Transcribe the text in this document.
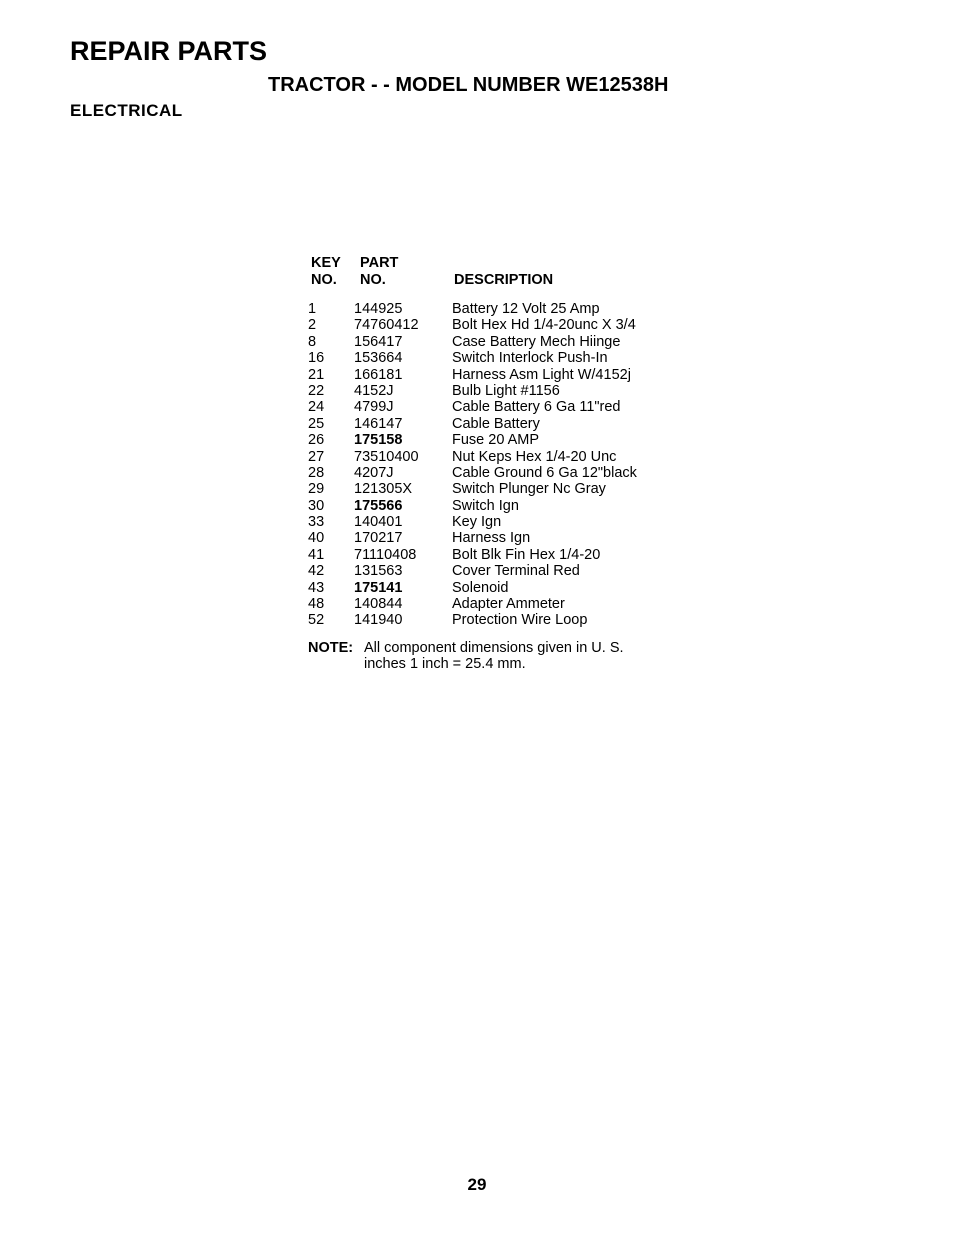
REPAIR PARTS
TRACTOR - - MODEL NUMBER WE12538H
ELECTRICAL
KEY
NO.
PART
NO.	DESCRIPTION
1	144925	Battery 12 Volt 25 Amp
2	74760412	Bolt Hex Hd 1/4-20unc X 3/4
8	156417	Case Battery Mech Hiinge
16	153664	Switch Interlock Push-In
21	166181	Harness Asm Light W/4152j
22	4152J	Bulb Light #1156
24	4799J	Cable Battery 6 Ga 11"red
25	146147	Cable Battery
26	175158	Fuse 20 AMP
27	73510400	Nut Keps Hex 1/4-20 Unc
28	4207J	Cable Ground 6 Ga 12"black
29	121305X	Switch Plunger Nc Gray
30	175566	Switch Ign
33	140401	Key Ign
40	170217	Harness Ign
41	71110408	Bolt Blk Fin Hex 1/4-20
42	131563	Cover Terminal Red
43	175141	Solenoid
48	140844	Adapter Ammeter
52	141940	Protection Wire Loop
NOTE: All component dimensions given in U. S. inches 1 inch = 25.4 mm.
29
